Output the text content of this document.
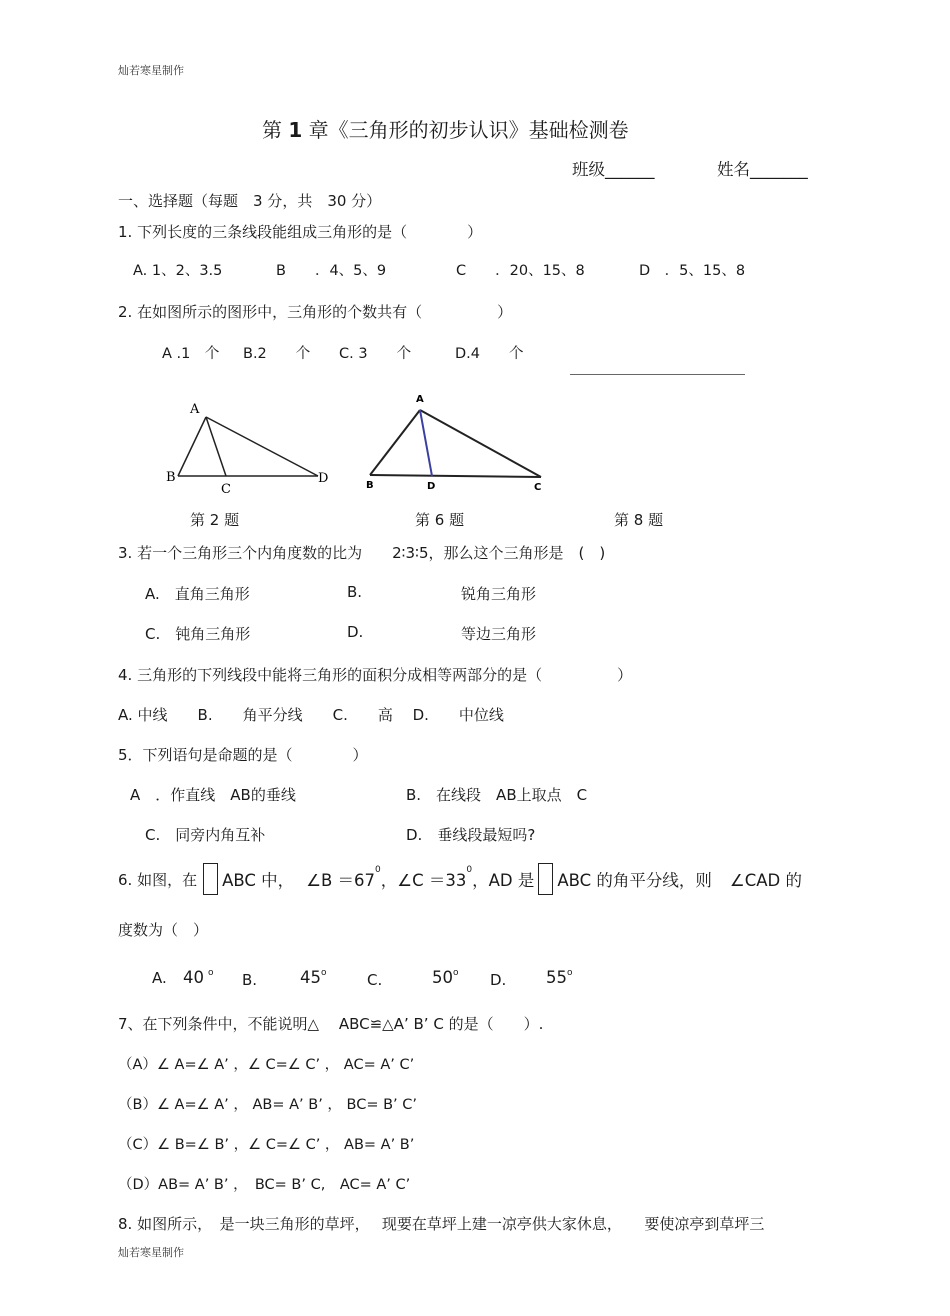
灿若寒星制作
灿若寒星制作
第 1 章《三角形的初步认识》基础检测卷
班级______	姓名_______
一、选择题（每题　3 分，共　30 分）
1. 下列长度的三条线段能组成三角形的是（　　　　）
A. 1、2、3.5	B　　．4、5、9	C　　．20、15、8	D　．5、15、8
2. 在如图所示的图形中，三角形的个数共有（　　　　　）
A .1　个 B.2　　个 C. 3　　个	D.4　　个
A
B
C
D
A
B	D	C
第 2 题	第 6 题	第 8 题
3. 若一个三角形三个内角度数的比为　　2∶3∶5，那么这个三角形是　(　)
A.　直角三角形	B.	锐角三角形
C.　钝角三角形	D.	等边三角形
4. 三角形的下列线段中能将三角形的面积分成相等两部分的是（　　　　　）
A. 中线　　B.　　角平分线　　C.　　高　 D.　　中位线
5．下列语句是命题的是（　　　　）
A　．作直线　AB的垂线	B.　在线段　AB上取点　C
C.　同旁内角互补	D.　垂线段最短吗?
6. 如图，在 ABC 中， ∠B ＝67
0
，∠C ＝33
0
，AD 是 ABC 的角平分线，则 ∠CAD 的
度数为（　）
A. 40 $^o$ B.	45$^o$	C.	50$^o$ D. 55$^o$
7、在下列条件中，不能说明△　 ABC≌△A’ B’ C 的是（　　）.
（A）∠ A=∠ A’ ，∠ C=∠ C’ ， AC= A’ C’
（B）∠ A=∠ A’ ， AB= A’ B’ ， BC= B’ C’
（C）∠ B=∠ B’ ，∠ C=∠ C’ ， AB= A’ B’
（D）AB= A’ B’ ，　BC= B’ C,　AC= A’ C’
8. 如图所示，　是一块三角形的草坪，　 现要在草坪上建一凉亭供大家休息，　　要使凉亭到草坪三
